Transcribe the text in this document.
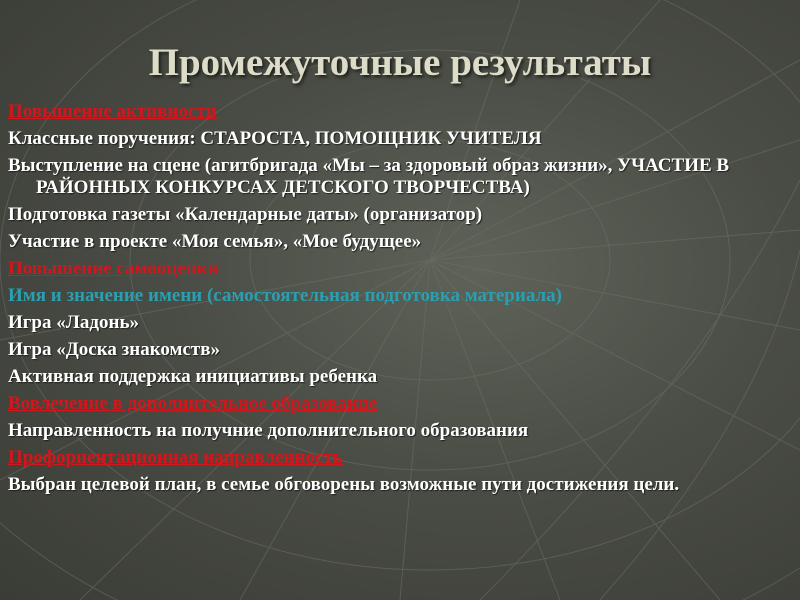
Промежуточные результаты
Повышение активности
Классные поручения: СТАРОСТА, ПОМОЩНИК УЧИТЕЛЯ
Выступление на сцене (агитбригада «Мы – за здоровый образ жизни», УЧАСТИЕ В РАЙОННЫХ КОНКУРСАХ ДЕТСКОГО ТВОРЧЕСТВА)
Подготовка газеты «Календарные даты» (организатор)
Участие в проекте «Моя семья», «Мое будущее»
Повышение самооценки
Имя и значение имени (самостоятельная подготовка материала)
Игра «Ладонь»
Игра «Доска знакомств»
Активная поддержка инициативы ребенка
Вовлечение в дополнительное образование
Направленность на получние дополнительного образования
Профориентационная направленность
Выбран целевой план, в семье обговорены возможные пути достижения цели.
